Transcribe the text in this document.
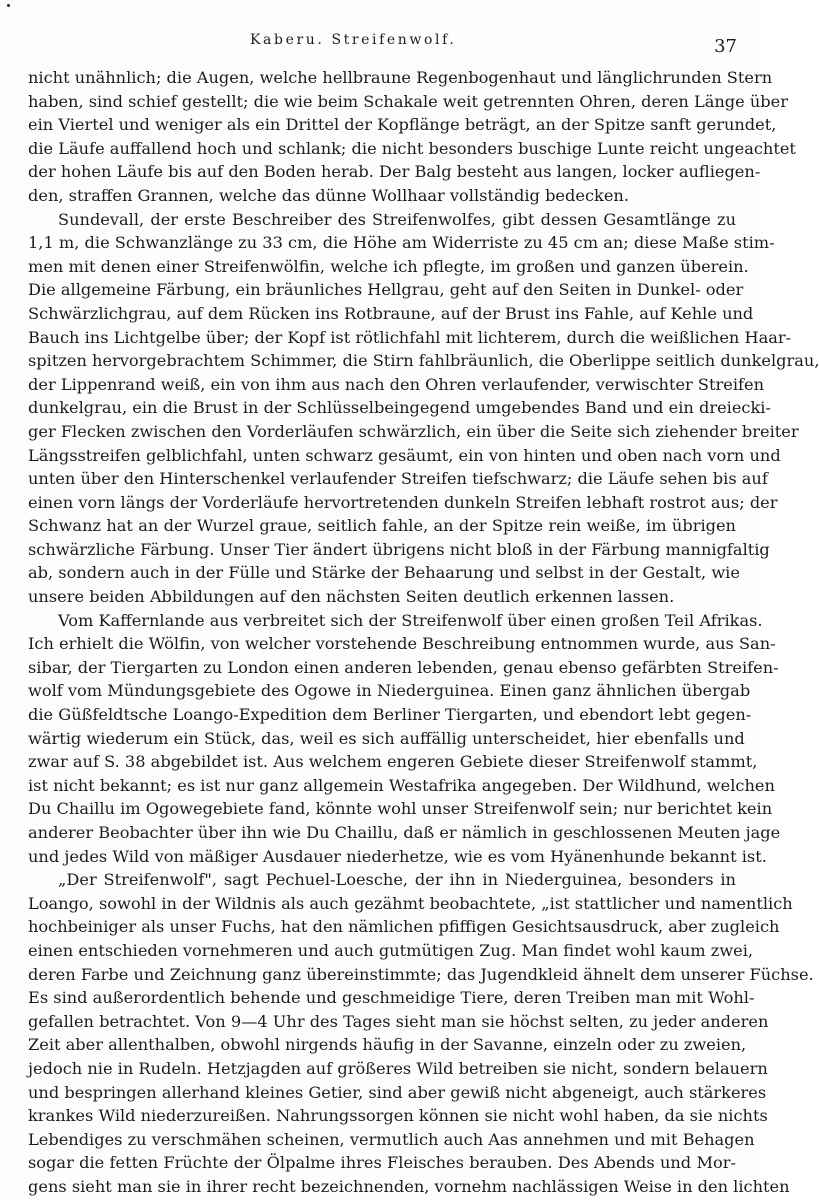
Kaberu. Streifenwolf.	37
nicht unähnlich; die Augen, welche hellbraune Regenbogenhaut und länglichrunden Stern
haben, sind schief gestellt; die wie beim Schakale weit getrennten Ohren, deren Länge über
ein Viertel und weniger als ein Drittel der Kopflänge beträgt, an der Spitze sanft gerundet,
die Läufe auffallend hoch und schlank; die nicht besonders buschige Lunte reicht ungeachtet
der hohen Läufe bis auf den Boden herab. Der Balg besteht aus langen, locker aufliegen-
den, straffen Grannen, welche das dünne Wollhaar vollständig bedecken.
Sundevall, der erste Beschreiber des Streifenwolfes, gibt dessen Gesamtlänge zu
1,1 m, die Schwanzlänge zu 33 cm, die Höhe am Widerriste zu 45 cm an; diese Maße stim-
men mit denen einer Streifenwölfin, welche ich pflegte, im großen und ganzen überein.
Die allgemeine Färbung, ein bräunliches Hellgrau, geht auf den Seiten in Dunkel- oder
Schwärzlichgrau, auf dem Rücken ins Rotbraune, auf der Brust ins Fahle, auf Kehle und
Bauch ins Lichtgelbe über; der Kopf ist rötlichfahl mit lichterem, durch die weißlichen Haar-
spitzen hervorgebrachtem Schimmer, die Stirn fahlbräunlich, die Oberlippe seitlich dunkelgrau,
der Lippenrand weiß, ein von ihm aus nach den Ohren verlaufender, verwischter Streifen
dunkelgrau, ein die Brust in der Schlüsselbeingegend umgebendes Band und ein dreiecki-
ger Flecken zwischen den Vorderläufen schwärzlich, ein über die Seite sich ziehender breiter
Längsstreifen gelblichfahl, unten schwarz gesäumt, ein von hinten und oben nach vorn und
unten über den Hinterschenkel verlaufender Streifen tiefschwarz; die Läufe sehen bis auf
einen vorn längs der Vorderläufe hervortretenden dunkeln Streifen lebhaft rostrot aus; der
Schwanz hat an der Wurzel graue, seitlich fahle, an der Spitze rein weiße, im übrigen
schwärzliche Färbung. Unser Tier ändert übrigens nicht bloß in der Färbung mannigfaltig
ab, sondern auch in der Fülle und Stärke der Behaarung und selbst in der Gestalt, wie
unsere beiden Abbildungen auf den nächsten Seiten deutlich erkennen lassen.
Vom Kaffernlande aus verbreitet sich der Streifenwolf über einen großen Teil Afrikas.
Ich erhielt die Wölfin, von welcher vorstehende Beschreibung entnommen wurde, aus San-
sibar, der Tiergarten zu London einen anderen lebenden, genau ebenso gefärbten Streifen-
wolf vom Mündungsgebiete des Ogowe in Niederguinea. Einen ganz ähnlichen übergab
die Güßfeldtsche Loango-Expedition dem Berliner Tiergarten, und ebendort lebt gegen-
wärtig wiederum ein Stück, das, weil es sich auffällig unterscheidet, hier ebenfalls und
zwar auf S. 38 abgebildet ist. Aus welchem engeren Gebiete dieser Streifenwolf stammt,
ist nicht bekannt; es ist nur ganz allgemein Westafrika angegeben. Der Wildhund, welchen
Du Chaillu im Ogowegebiete fand, könnte wohl unser Streifenwolf sein; nur berichtet kein
anderer Beobachter über ihn wie Du Chaillu, daß er nämlich in geschlossenen Meuten jage
und jedes Wild von mäßiger Ausdauer niederhetze, wie es vom Hyänenhunde bekannt ist.
„Der Streifenwolf", sagt Pechuel-Loesche, der ihn in Niederguinea, besonders in
Loango, sowohl in der Wildnis als auch gezähmt beobachtete, „ist stattlicher und namentlich
hochbeiniger als unser Fuchs, hat den nämlichen pfiffigen Gesichtsausdruck, aber zugleich
einen entschieden vornehmeren und auch gutmütigen Zug. Man findet wohl kaum zwei,
deren Farbe und Zeichnung ganz übereinstimmte; das Jugendkleid ähnelt dem unserer Füchse.
Es sind außerordentlich behende und geschmeidige Tiere, deren Treiben man mit Wohl-
gefallen betrachtet. Von 9—4 Uhr des Tages sieht man sie höchst selten, zu jeder anderen
Zeit aber allenthalben, obwohl nirgends häufig in der Savanne, einzeln oder zu zweien,
jedoch nie in Rudeln. Hetzjagden auf größeres Wild betreiben sie nicht, sondern belauern
und bespringen allerhand kleines Getier, sind aber gewiß nicht abgeneigt, auch stärkeres
krankes Wild niederzureißen. Nahrungssorgen können sie nicht wohl haben, da sie nichts
Lebendiges zu verschmähen scheinen, vermutlich auch Aas annehmen und mit Behagen
sogar die fetten Früchte der Ölpalme ihres Fleisches berauben. Des Abends und Mor-
gens sieht man sie in ihrer recht bezeichnenden, vornehm nachlässigen Weise in den lichten
